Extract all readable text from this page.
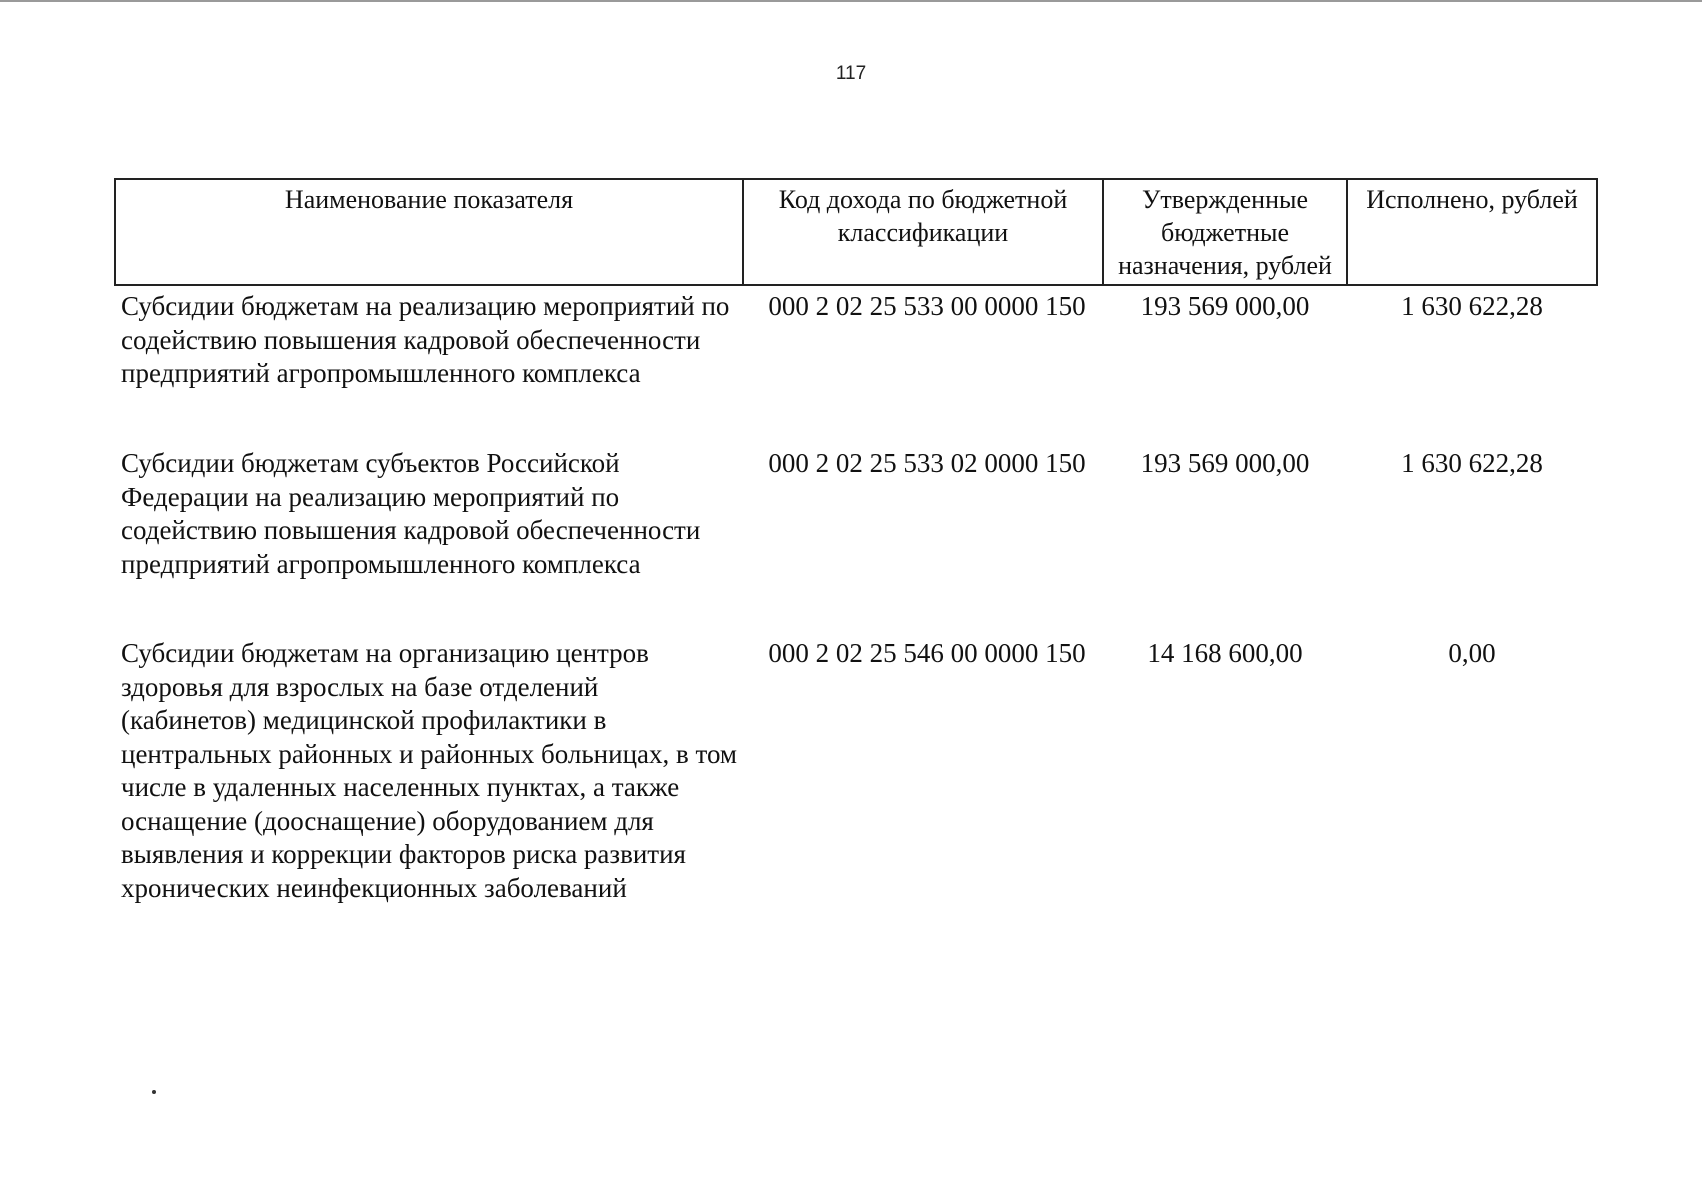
117
Наименование показателя	Код дохода по бюджетной классификации	Утвержденные бюджетные назначения, рублей	Исполнено, рублей
Субсидии бюджетам на реализацию мероприятий по содействию повышения кадровой обеспеченности предприятий агропромышленного комплекса	000 2 02 25 533 00 0000 150	193 569 000,00	1 630 622,28
Субсидии бюджетам субъектов Российской Федерации на реализацию мероприятий по содействию повышения кадровой обеспеченности предприятий агропромышленного комплекса	000 2 02 25 533 02 0000 150	193 569 000,00	1 630 622,28
Субсидии бюджетам на организацию центров здоровья для взрослых на базе отделений (кабинетов) медицинской профилактики в центральных районных и районных больницах, в том числе в удаленных населенных пунктах, а также оснащение (дооснащение) оборудованием для выявления и коррекции факторов риска развития хронических неинфекционных заболеваний	000 2 02 25 546 00 0000 150	14 168 600,00	0,00
